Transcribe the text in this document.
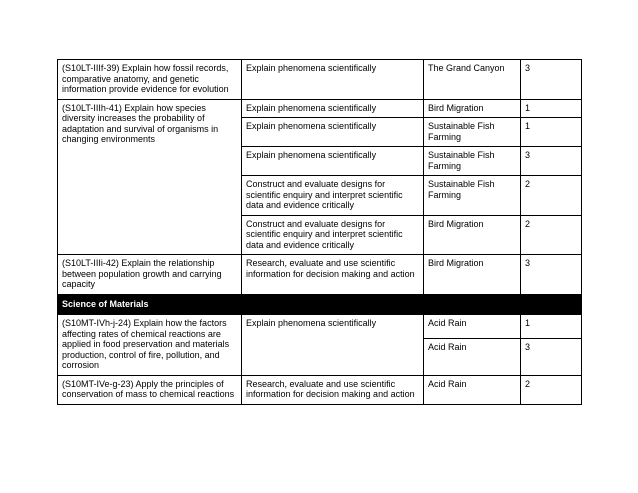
(S10LT-IIIf-39) Explain how fossil records, comparative anatomy, and genetic information provide evidence for evolution	Explain phenomena scientifically	The Grand Canyon	3
(S10LT-IIIh-41) Explain how species diversity increases the probability of adaptation and survival of organisms in changing environments	Explain phenomena scientifically	Bird Migration	1
	Explain phenomena scientifically	Sustainable Fish Farming	1
	Explain phenomena scientifically	Sustainable Fish Farming	3
	Construct and evaluate designs for scientific enquiry and interpret scientific data and evidence critically	Sustainable Fish Farming	2
	Construct and evaluate designs for scientific enquiry and interpret scientific data and evidence critically	Bird Migration	2
(S10LT-IIIi-42) Explain the relationship between population growth and carrying capacity	Research, evaluate and use scientific information for decision making and action	Bird Migration	3
Science of Materials			
(S10MT-IVh-j-24) Explain how the factors affecting rates of chemical reactions are applied in food preservation and materials production, control of fire, pollution, and corrosion	Explain phenomena scientifically	Acid Rain	1
		Acid Rain	3
(S10MT-IVe-g-23) Apply the principles of conservation of mass to chemical reactions	Research, evaluate and use scientific information for decision making and action	Acid Rain	2
